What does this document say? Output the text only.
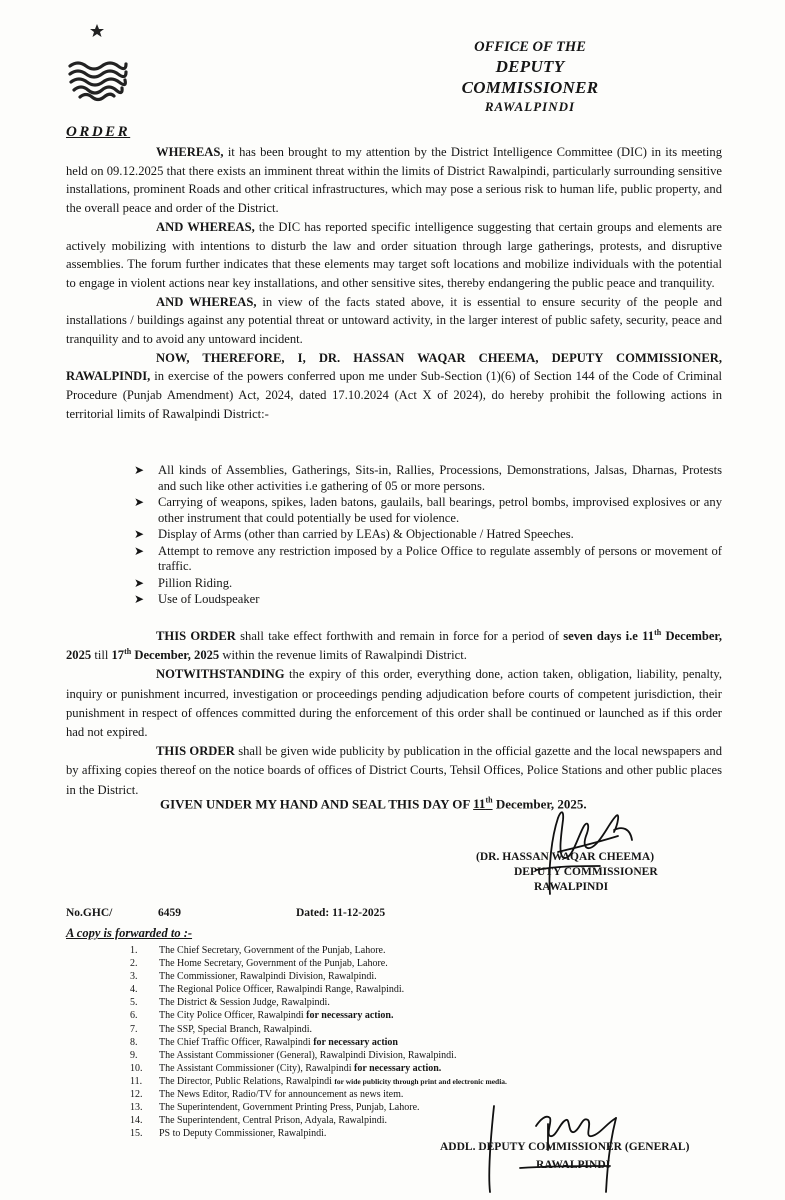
OFFICE OF THE
DEPUTY COMMISSIONER
RAWALPINDI
ORDER

WHEREAS, it has been brought to my attention by the District Intelligence Committee (DIC) in its meeting held on 09.12.2025 that there exists an imminent threat within the limits of District Rawalpindi, particularly surrounding sensitive installations, prominent Roads and other critical infrastructures, which may pose a serious risk to human life, public property, and the overall peace and order of the District.

AND WHEREAS, the DIC has reported specific intelligence suggesting that certain groups and elements are actively mobilizing with intentions to disturb the law and order situation through large gatherings, protests, and disruptive assemblies. The forum further indicates that these elements may target soft locations and mobilize individuals with the potential to engage in violent actions near key installations, and other sensitive sites, thereby endangering the public peace and tranquility.

AND WHEREAS, in view of the facts stated above, it is essential to ensure security of the people and installations / buildings against any potential threat or untoward activity, in the larger interest of public safety, security, peace and tranquility and to avoid any untoward incident.

NOW, THEREFORE, I, DR. HASSAN WAQAR CHEEMA, DEPUTY COMMISSIONER, RAWALPINDI, in exercise of the powers conferred upon me under Sub-Section (1)(6) of Section 144 of the Code of Criminal Procedure (Punjab Amendment) Act, 2024, dated 17.10.2024 (Act X of 2024), do hereby prohibit the following actions in territorial limits of Rawalpindi District:-

➤ All kinds of Assemblies, Gatherings, Sits-in, Rallies, Processions, Demonstrations, Jalsas, Dharnas, Protests and such like other activities i.e gathering of 05 or more persons.
➤ Carrying of weapons, spikes, laden batons, gaulails, ball bearings, petrol bombs, improvised explosives or any other instrument that could potentially be used for violence.
➤ Display of Arms (other than carried by LEAs) & Objectionable / Hatred Speeches.
➤ Attempt to remove any restriction imposed by a Police Office to regulate assembly of persons or movement of traffic.
➤ Pillion Riding.
➤ Use of Loudspeaker

THIS ORDER shall take effect forthwith and remain in force for a period of seven days i.e 11th December, 2025 till 17th December, 2025 within the revenue limits of Rawalpindi District.

NOTWITHSTANDING the expiry of this order, everything done, action taken, obligation, liability, penalty, inquiry or punishment incurred, investigation or proceedings pending adjudication before courts of competent jurisdiction, their punishment in respect of offences committed during the enforcement of this order shall be continued or launched as if this order had not expired.

THIS ORDER shall be given wide publicity by publication in the official gazette and the local newspapers and by affixing copies thereof on the notice boards of offices of District Courts, Tehsil Offices, Police Stations and other public places in the District.

GIVEN UNDER MY HAND AND SEAL THIS DAY OF 11th December, 2025.
(DR. HASSAN WAQAR CHEEMA)
DEPUTY COMMISSIONER
RAWALPINDI
No.GHC/	6459	Dated: 11-12-2025
A copy is forwarded to :-
1. The Chief Secretary, Government of the Punjab, Lahore.
2. The Home Secretary, Government of the Punjab, Lahore.
3. The Commissioner, Rawalpindi Division, Rawalpindi.
4. The Regional Police Officer, Rawalpindi Range, Rawalpindi.
5. The District & Session Judge, Rawalpindi.
6. The City Police Officer, Rawalpindi for necessary action.
7. The SSP, Special Branch, Rawalpindi.
8. The Chief Traffic Officer, Rawalpindi for necessary action
9. The Assistant Commissioner (General), Rawalpindi Division, Rawalpindi.
10. The Assistant Commissioner (City), Rawalpindi for necessary action.
11. The Director, Public Relations, Rawalpindi for wide publicity through print and electronic media.
12. The News Editor, Radio/TV for announcement as news item.
13. The Superintendent, Government Printing Press, Punjab, Lahore.
14. The Superintendent, Central Prison, Adyala, Rawalpindi.
15. PS to Deputy Commissioner, Rawalpindi.
ADDL. DEPUTY COMMISSIONER (GENERAL)
RAWALPINDI
